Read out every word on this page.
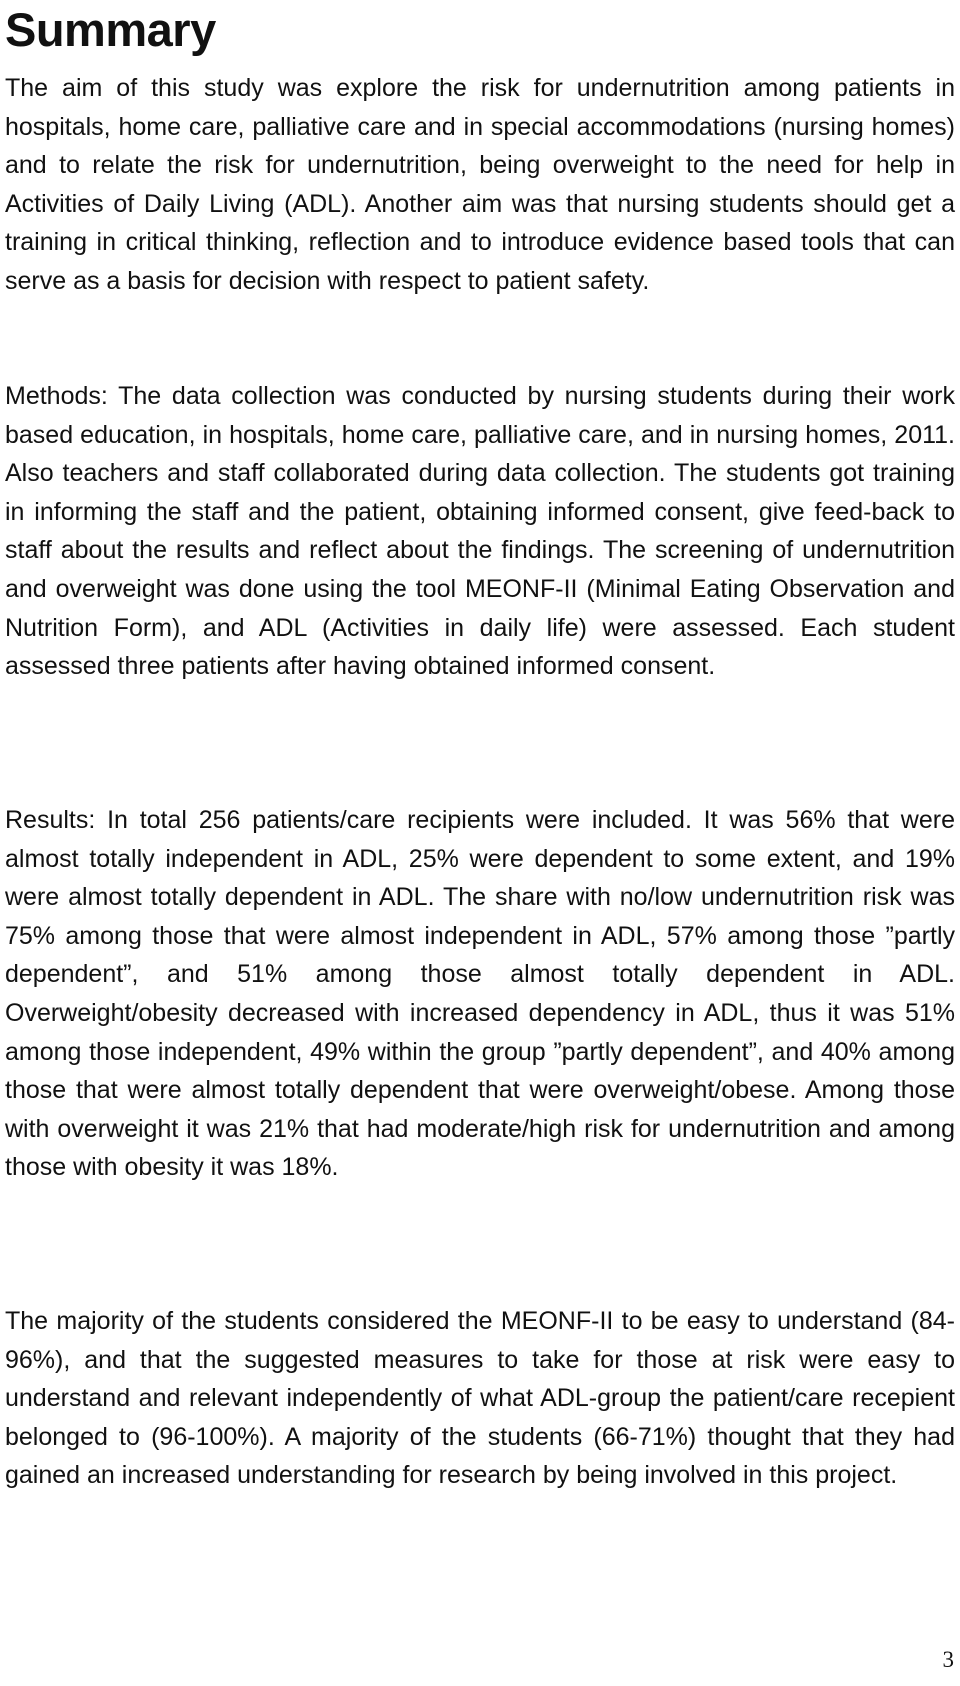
Summary

The aim of this study was explore the risk for undernutrition among patients in hospitals, home care, palliative care and in special accommodations (nursing homes) and to relate the risk for undernutrition, being overweight to the need for help in Activities of Daily Living (ADL). Another aim was that nursing students should get a training in critical thinking, reflection and to introduce evidence based tools that can serve as a basis for decision with respect to patient safety.

Methods: The data collection was conducted by nursing students during their work based education, in hospitals, home care, palliative care, and in nursing homes, 2011. Also teachers and staff collaborated during data collection. The students got training in informing the staff and the patient, obtaining informed consent, give feed-back to staff about the results and reflect about the findings. The screening of undernutrition and overweight was done using the tool MEONF-II (Minimal Eating Observation and Nutrition Form), and ADL (Activities in daily life) were assessed. Each student assessed three patients after having obtained informed consent.

Results: In total 256 patients/care recipients were included. It was 56% that were almost totally independent in ADL, 25% were dependent to some extent, and 19% were almost totally dependent in ADL. The share with no/low undernutrition risk was 75% among those that were almost independent in ADL, 57% among those ”partly dependent”, and 51% among those almost totally dependent in ADL. Overweight/obesity decreased with increased dependency in ADL, thus it was 51% among those independent, 49% within the group ”partly dependent”, and 40% among those that were almost totally dependent that were overweight/obese. Among those with overweight it was 21% that had moderate/high risk for undernutrition and among those with obesity it was 18%.

The majority of the students considered the MEONF-II to be easy to understand (84-96%), and that the suggested measures to take for those at risk were easy to understand and relevant independently of what ADL-group the patient/care recepient belonged to (96-100%). A majority of the students (66-71%) thought that they had gained an increased understanding for research by being involved in this project.

3
